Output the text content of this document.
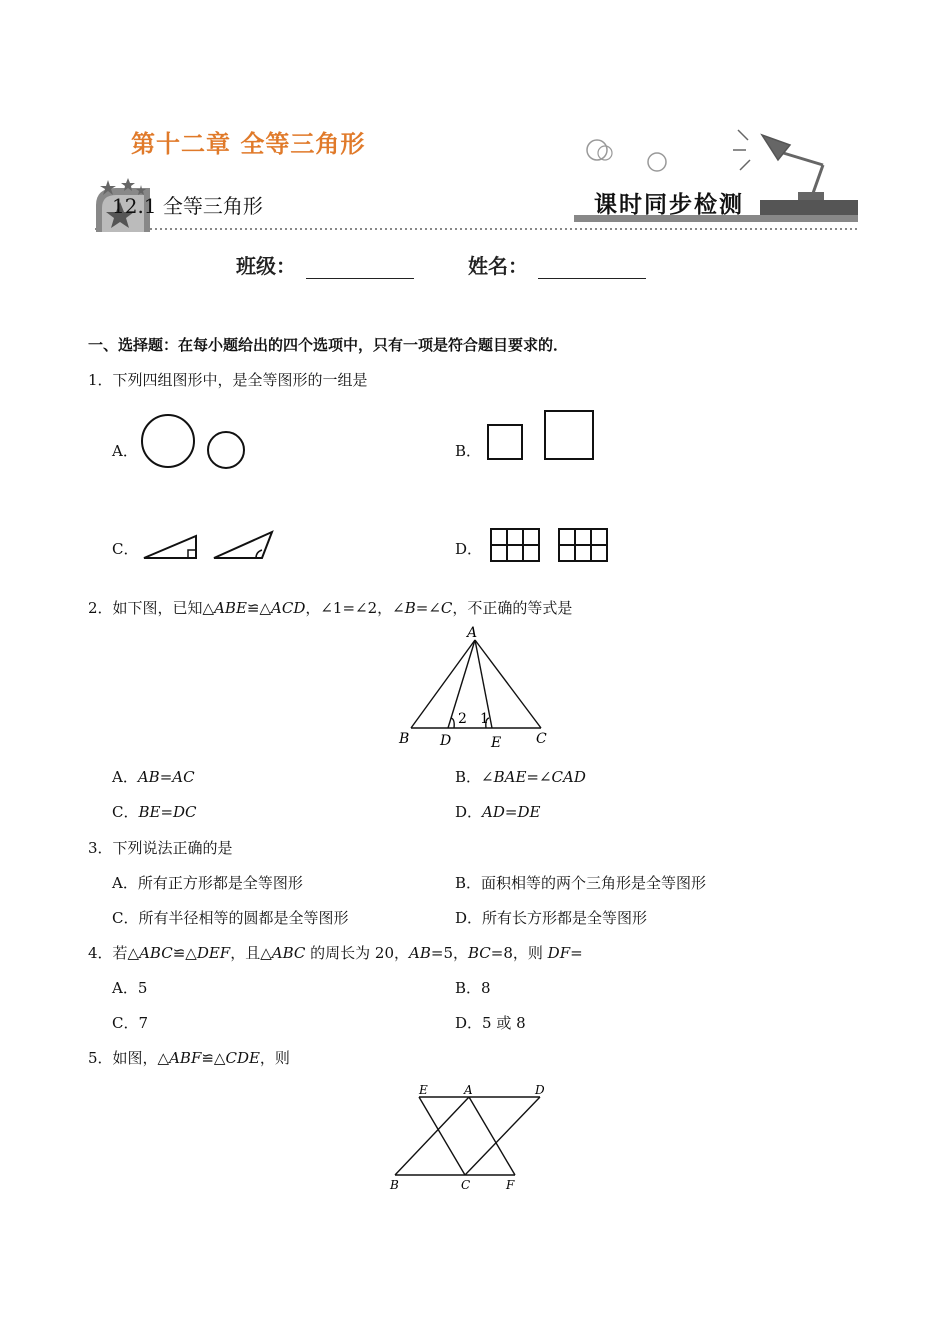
第十二章 全等三角形
12.1 全等三角形	课时同步检测
班级：	姓名：
一、选择题：在每小题给出的四个选项中，只有一项是符合题目要求的．
1．下列四组图形中，是全等图形的一组是
A．	B．
C．	D．
2．如下图，已知△ABE≌△ACD，∠1=∠2，∠B=∠C，不正确的等式是
A
B D	E C
2 1
A．AB=AC	B．∠BAE=∠CAD
C．BE=DC	D．AD=DE
3．下列说法正确的是
A．所有正方形都是全等图形	B．面积相等的两个三角形是全等图形
C．所有半径相等的圆都是全等图形	D．所有长方形都是全等图形
4．若△ABC≌△DEF，且△ABC 的周长为 20，AB=5，BC=8，则 DF=
A．5	B．8
C．7	D．5 或 8
5．如图，△ABF≌△CDE，则
E	A	D
B	C	F
